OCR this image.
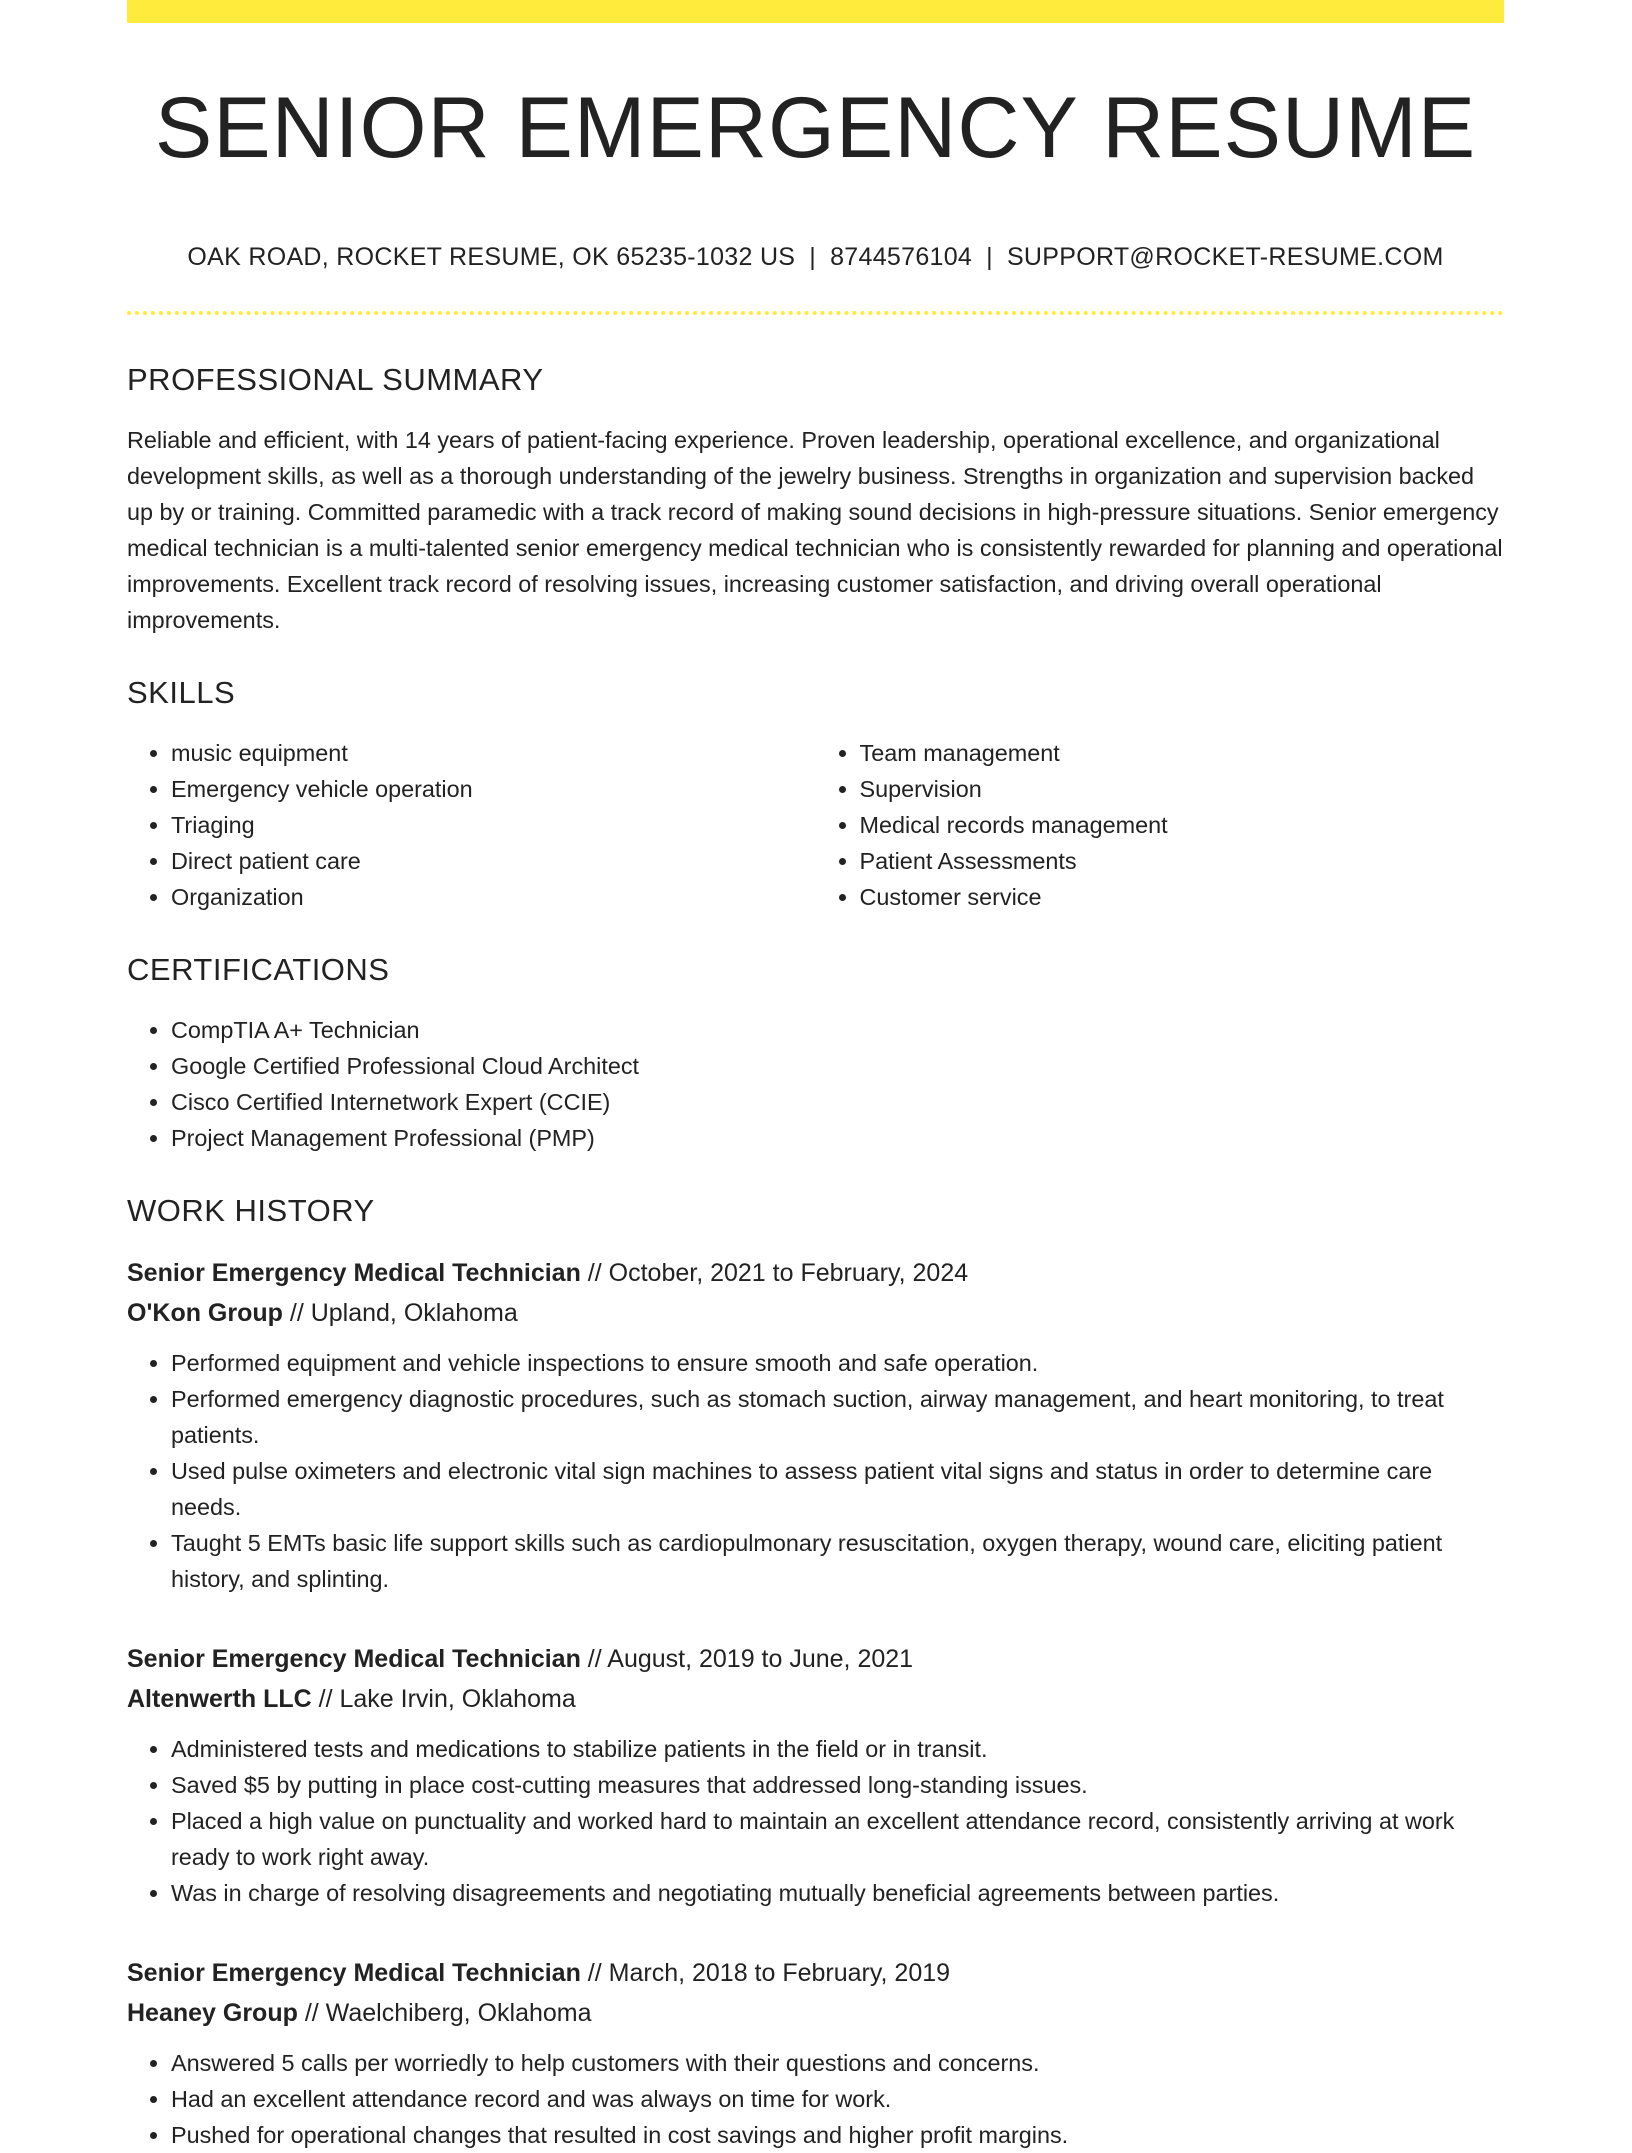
SENIOR EMERGENCY RESUME
OAK ROAD, ROCKET RESUME, OK 65235-1032 US | 8744576104 | SUPPORT@ROCKET-RESUME.COM
PROFESSIONAL SUMMARY

Reliable and efficient, with 14 years of patient-facing experience. Proven leadership, operational excellence, and organizational development skills, as well as a thorough understanding of the jewelry business. Strengths in organization and supervision backed up by or training. Committed paramedic with a track record of making sound decisions in high-pressure situations. Senior emergency medical technician is a multi-talented senior emergency medical technician who is consistently rewarded for planning and operational improvements. Excellent track record of resolving issues, increasing customer satisfaction, and driving overall operational improvements.

SKILLS
• music equipment
• Emergency vehicle operation
• Triaging
• Direct patient care
• Organization
• Team management
• Supervision
• Medical records management
• Patient Assessments
• Customer service
CERTIFICATIONS
• CompTIA A+ Technician
• Google Certified Professional Cloud Architect
• Cisco Certified Internetwork Expert (CCIE)
• Project Management Professional (PMP)
WORK HISTORY
Senior Emergency Medical Technician // October, 2021 to February, 2024
O'Kon Group // Upland, Oklahoma
• Performed equipment and vehicle inspections to ensure smooth and safe operation.
• Performed emergency diagnostic procedures, such as stomach suction, airway management, and heart monitoring, to treat patients.
• Used pulse oximeters and electronic vital sign machines to assess patient vital signs and status in order to determine care needs.
• Taught 5 EMTs basic life support skills such as cardiopulmonary resuscitation, oxygen therapy, wound care, eliciting patient history, and splinting.
Senior Emergency Medical Technician // August, 2019 to June, 2021
Altenwerth LLC // Lake Irvin, Oklahoma
• Administered tests and medications to stabilize patients in the field or in transit.
• Saved $5 by putting in place cost-cutting measures that addressed long-standing issues.
• Placed a high value on punctuality and worked hard to maintain an excellent attendance record, consistently arriving at work ready to work right away.
• Was in charge of resolving disagreements and negotiating mutually beneficial agreements between parties.
Senior Emergency Medical Technician // March, 2018 to February, 2019
Heaney Group // Waelchiberg, Oklahoma
• Answered 5 calls per worriedly to help customers with their questions and concerns.
• Had an excellent attendance record and was always on time for work.
• Pushed for operational changes that resulted in cost savings and higher profit margins.
